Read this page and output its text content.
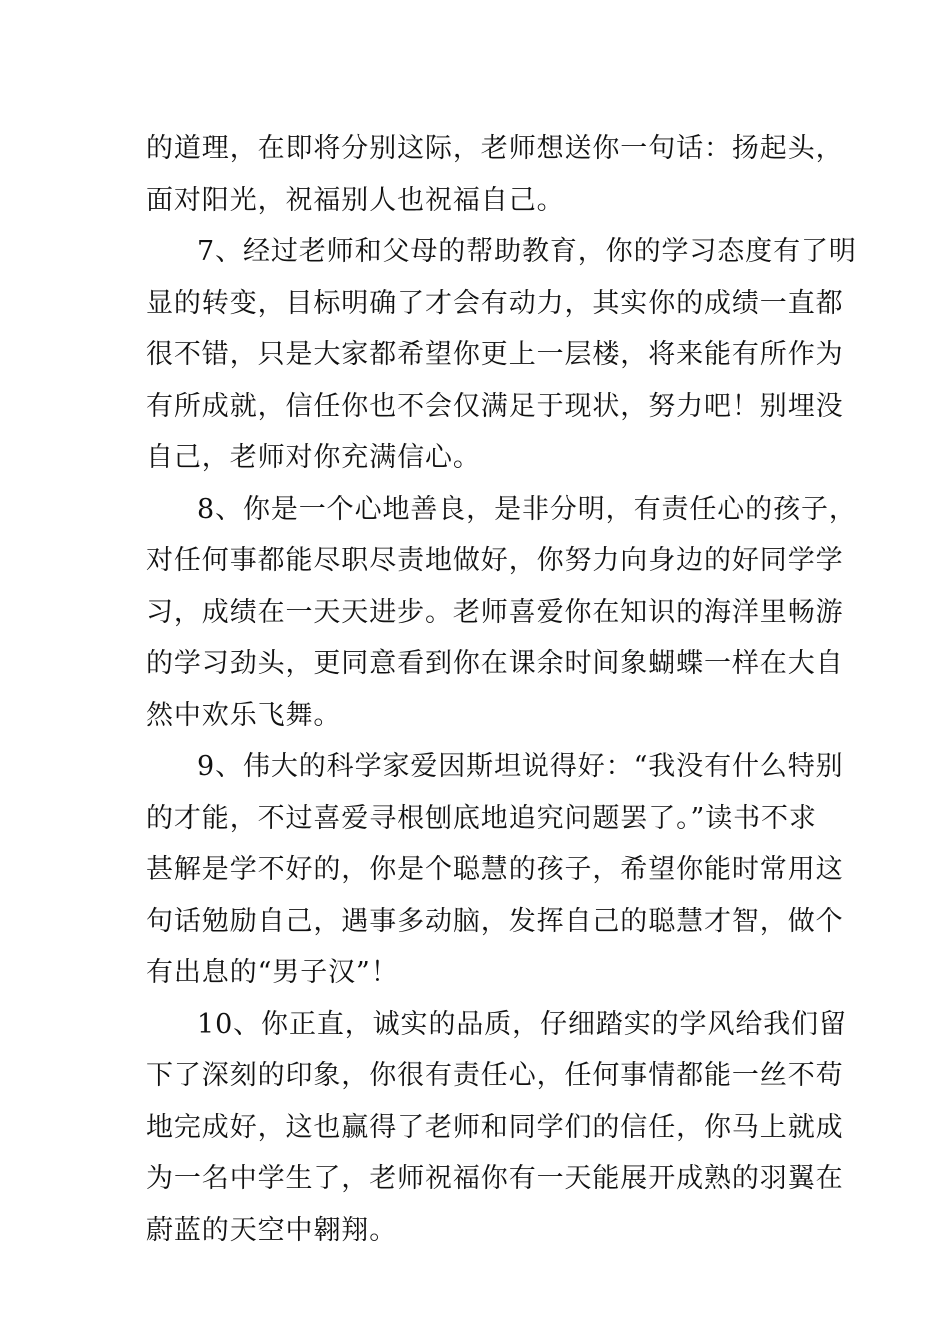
的道理，在即将分别这际，老师想送你一句话：扬起头，
面对阳光，祝福别人也祝福自己。
7、经过老师和父母的帮助教育，你的学习态度有了明
显的转变，目标明确了才会有动力，其实你的成绩一直都
很不错，只是大家都希望你更上一层楼，将来能有所作为
有所成就，信任你也不会仅满足于现状，努力吧！别埋没
自己，老师对你充满信心。
8、你是一个心地善良，是非分明，有责任心的孩子，
对任何事都能尽职尽责地做好，你努力向身边的好同学学
习，成绩在一天天进步。老师喜爱你在知识的海洋里畅游
的学习劲头，更同意看到你在课余时间象蝴蝶一样在大自
然中欢乐飞舞。
9、伟大的科学家爱因斯坦说得好：“我没有什么特别
的才能，不过喜爱寻根刨底地追究问题罢了。”读书不求
甚解是学不好的，你是个聪慧的孩子，希望你能时常用这
句话勉励自己，遇事多动脑，发挥自己的聪慧才智，做个
有出息的“男子汉”！
10、你正直，诚实的品质，仔细踏实的学风给我们留
下了深刻的印象，你很有责任心，任何事情都能一丝不苟
地完成好，这也赢得了老师和同学们的信任，你马上就成
为一名中学生了，老师祝福你有一天能展开成熟的羽翼在
蔚蓝的天空中翱翔。
